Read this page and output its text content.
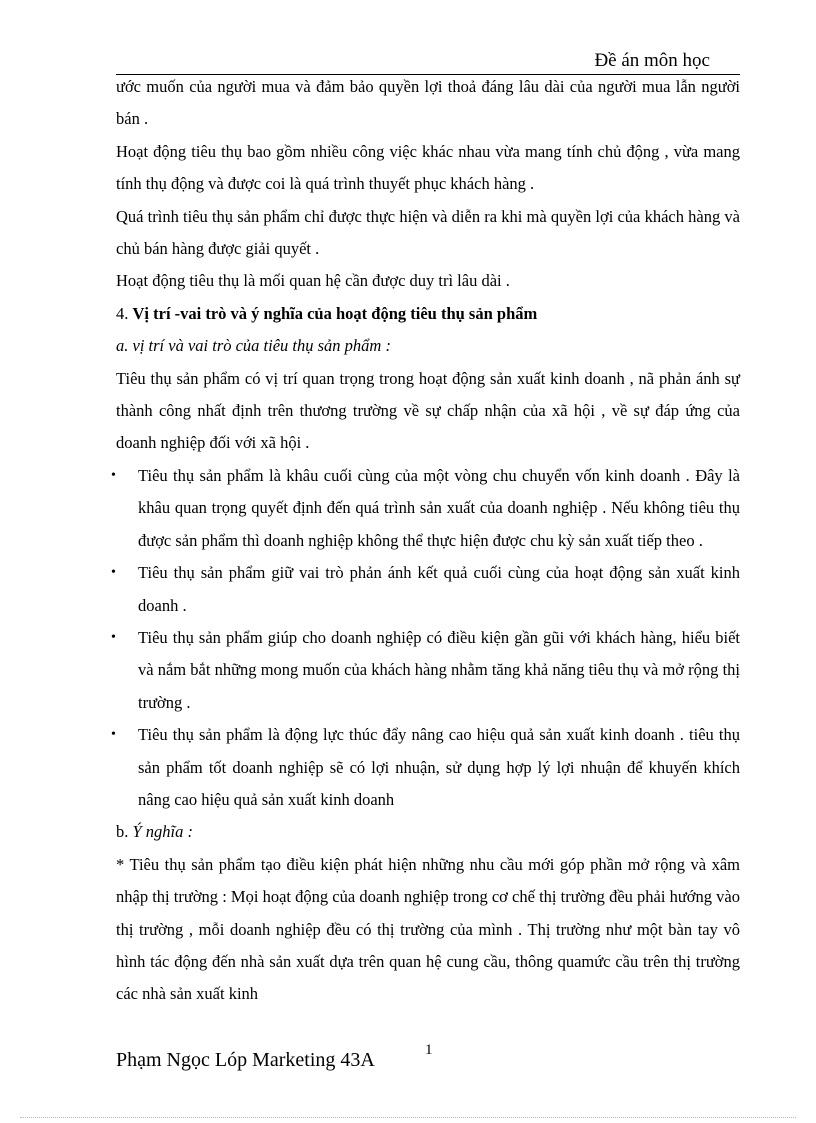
Đề án môn học

ước muốn của người mua và đảm bảo quyền lợi thoả đáng lâu dài của người mua lẫn người bán .

Hoạt động tiêu thụ bao gồm nhiều công việc khác nhau vừa mang tính chủ động , vừa mang tính thụ động và được coi là quá trình thuyết phục khách hàng .

Quá trình tiêu thụ sản phẩm chỉ được thực hiện và diễn ra khi mà quyền lợi của khách hàng và chủ bán hàng được giải quyết .

Hoạt động tiêu thụ là mối quan hệ cần được duy trì lâu dài .

4. Vị trí -vai trò và ý nghĩa của hoạt động tiêu thụ sản phẩm

a. vị trí và vai trò của tiêu thụ sản phẩm :

Tiêu thụ sản phẩm có vị trí quan trọng trong hoạt động sản xuất kinh doanh , nã phản ánh sự thành công nhất định trên thương trường về sự chấp nhận của xã hội , về sự đáp ứng của doanh nghiệp đối với xã hội .

• Tiêu thụ sản phẩm là khâu cuối cùng của một vòng chu chuyển vốn kinh doanh . Đây là khâu quan trọng quyết định đến quá trình sản xuất của doanh nghiệp . Nếu không tiêu thụ được sản phẩm thì doanh nghiệp không thể thực hiện được chu kỳ sản xuất tiếp theo .
• Tiêu thụ sản phẩm giữ vai trò phản ánh kết quả cuối cùng của hoạt động sản xuất kinh doanh .
• Tiêu thụ sản phẩm giúp cho doanh nghiệp có điều kiện gần gũi với khách hàng, hiểu biết và nắm bắt những mong muốn của khách hàng nhằm tăng khả năng tiêu thụ và mở rộng thị trường .
• Tiêu thụ sản phẩm là động lực thúc đẩy nâng cao hiệu quả sản xuất kinh doanh . tiêu thụ sản phẩm tốt doanh nghiệp sẽ có lợi nhuận, sử dụng hợp lý lợi nhuận để khuyến khích nâng cao hiệu quả sản xuất kinh doanh

b. Ý nghĩa :

* Tiêu thụ sản phẩm tạo điều kiện phát hiện những nhu cầu mới góp phần mở rộng và xâm nhập thị trường : Mọi hoạt động của doanh nghiệp trong cơ chế thị trường đều phải hướng vào thị trường , mỗi doanh nghiệp đều có thị trường của mình . Thị trường như một bàn tay vô hình tác động đến nhà sản xuất dựa trên quan hệ cung cầu, thông quamức cầu trên thị trường các nhà sản xuất kinh

Phạm Ngọc Lóp Marketing 43A	1
